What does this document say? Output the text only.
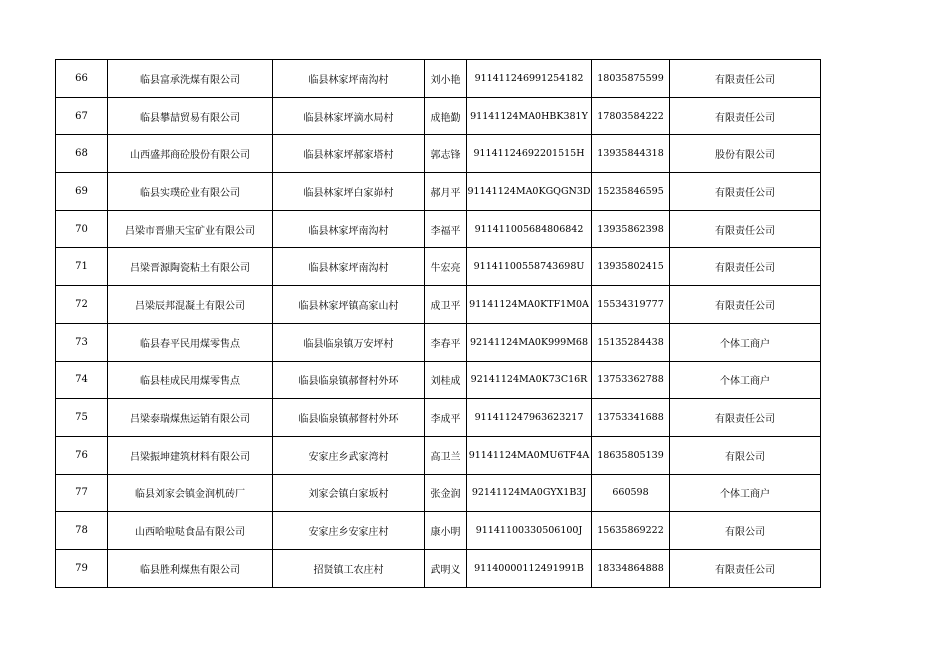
66	临县富承洗煤有限公司	临县林家坪南沟村	刘小艳	911411246991254182	18035875599	有限责任公司
67	临县攀喆贸易有限公司	临县林家坪滴水局村	成艳勤	91141124MA0HBK381Y	17803584222	有限责任公司
68	山西盛邦商砼股份有限公司	临县林家坪郝家塔村	郭志锋	91141124692201515H	13935844318	股份有限公司
69	临县实璞砼业有限公司	临县林家坪白家峁村	郝月平	91141124MA0KGQGN3D	15235846595	有限责任公司
70	吕梁市晋鼎天宝矿业有限公司	临县林家坪南沟村	李福平	911411005684806842	13935862398	有限责任公司
71	吕梁晋源陶瓷粘土有限公司	临县林家坪南沟村	牛宏亮	91141100558743698U	13935802415	有限责任公司
72	吕梁辰邦混凝土有限公司	临县林家坪镇高家山村	成卫平	91141124MA0KTF1M0A	15534319777	有限责任公司
73	临县春平民用煤零售点	临县临泉镇万安坪村	李春平	92141124MA0K999M68	15135284438	个体工商户
74	临县桂成民用煤零售点	临县临泉镇郝督村外环	刘桂成	92141124MA0K73C16R	13753362788	个体工商户
75	吕梁泰瑞煤焦运销有限公司	临县临泉镇郝督村外环	李成平	911411247963623217	13753341688	有限责任公司
76	吕梁振坤建筑材料有限公司	安家庄乡武家湾村	高卫兰	91141124MA0MU6TF4A	18635805139	有限公司
77	临县刘家会镇金润机砖厂	刘家会镇白家坂村	张金润	92141124MA0GYX1B3J	660598	个体工商户
78	山西哈啦哒食品有限公司	安家庄乡安家庄村	康小明	91141100330506100J	15635869222	有限公司
79	临县胜利煤焦有限公司	招贤镇工农庄村	武明义	91140000112491991B	18334864888	有限责任公司
